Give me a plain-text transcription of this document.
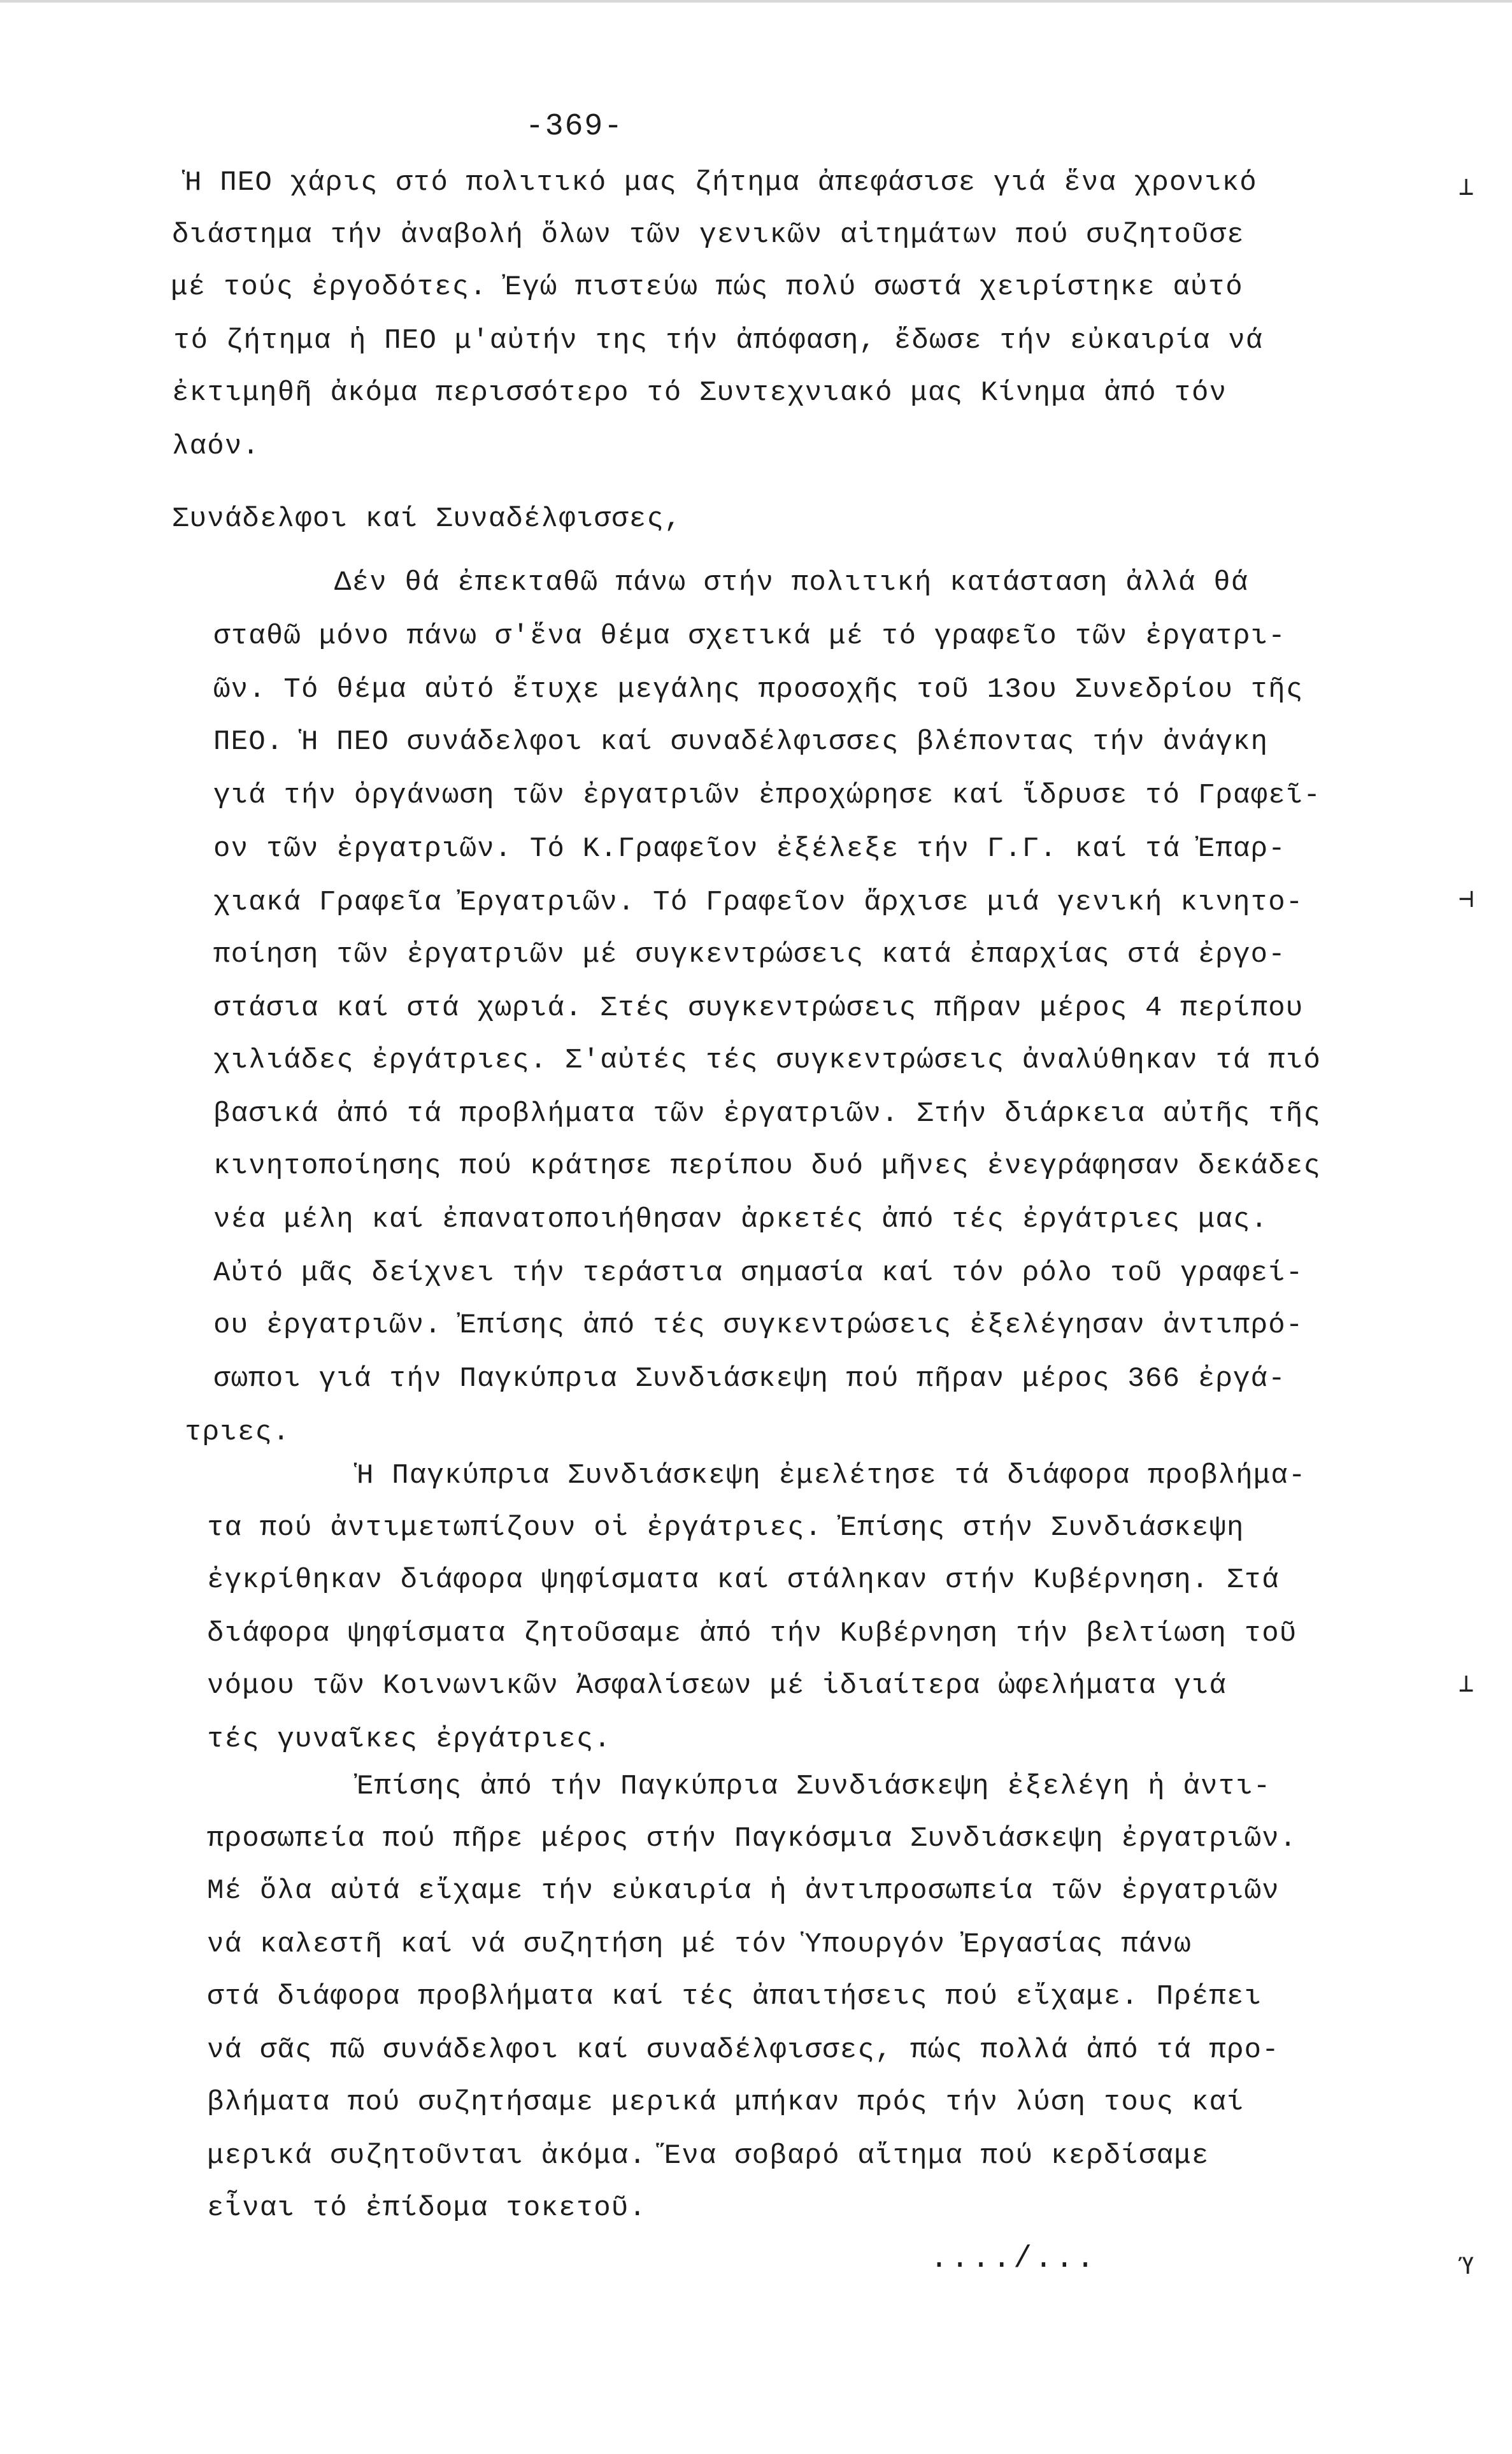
-369-
Ἡ ΠΕΟ χάρις στό πολιτικό μας ζήτημα ἀπεφάσισε γιά ἕνα χρονικό
διάστημα τήν ἀναβολή ὅλων τῶν γενικῶν αἰτημάτων πού συζητοῦσε
μέ τούς ἐργοδότες. Ἐγώ πιστεύω πώς πολύ σωστά χειρίστηκε αὐτό
τό ζήτημα ἡ ΠΕΟ μ'αὐτήν της τήν ἀπόφαση, ἔδωσε τήν εὐκαιρία νά
ἐκτιμηθῆ ἀκόμα περισσότερο τό Συντεχνιακό μας Κίνημα ἀπό τόν
λαόν.
Συνάδελφοι καί Συναδέλφισσες,
Δέν θά ἐπεκταθῶ πάνω στήν πολιτική κατάσταση ἀλλά θά
σταθῶ μόνο πάνω σ'ἕνα θέμα σχετικά μέ τό γραφεῖο τῶν ἐργατρι-
ῶν. Τό θέμα αὐτό ἔτυχε μεγάλης προσοχῆς τοῦ 13ου Συνεδρίου τῆς
ΠΕΟ. Ἡ ΠΕΟ συνάδελφοι καί συναδέλφισσες βλέποντας τήν ἀνάγκη
γιά τήν ὀργάνωση τῶν ἐργατριῶν ἐπροχώρησε καί ἵδρυσε τό Γραφεῖ-
ον τῶν ἐργατριῶν. Τό Κ.Γραφεῖον ἐξέλεξε τήν Γ.Γ. καί τά Ἐπαρ-
χιακά Γραφεῖα Ἐργατριῶν. Τό Γραφεῖον ἄρχισε μιά γενική κινητο-
ποίηση τῶν ἐργατριῶν μέ συγκεντρώσεις κατά ἐπαρχίας στά ἐργο-
στάσια καί στά χωριά. Στές συγκεντρώσεις πῆραν μέρος 4 περίπου
χιλιάδες ἐργάτριες. Σ'αὐτές τές συγκεντρώσεις ἀναλύθηκαν τά πιό
βασικά ἀπό τά προβλήματα τῶν ἐργατριῶν. Στήν διάρκεια αὐτῆς τῆς
κινητοποίησης πού κράτησε περίπου δυό μῆνες ἐνεγράφησαν δεκάδες
νέα μέλη καί ἐπανατοποιήθησαν ἀρκετές ἀπό τές ἐργάτριες μας.
Αὐτό μᾶς δείχνει τήν τεράστια σημασία καί τόν ρόλο τοῦ γραφεί-
ου ἐργατριῶν. Ἐπίσης ἀπό τές συγκεντρώσεις ἐξελέγησαν ἀντιπρό-
σωποι γιά τήν Παγκύπρια Συνδιάσκεψη πού πῆραν μέρος 366 ἐργά-
τριες.
Ἡ Παγκύπρια Συνδιάσκεψη ἐμελέτησε τά διάφορα προβλήμα-
τα πού ἀντιμετωπίζουν οἱ ἐργάτριες. Ἐπίσης στήν Συνδιάσκεψη
ἐγκρίθηκαν διάφορα ψηφίσματα καί στάληκαν στήν Κυβέρνηση. Στά
διάφορα ψηφίσματα ζητοῦσαμε ἀπό τήν Κυβέρνηση τήν βελτίωση τοῦ
νόμου τῶν Κοινωνικῶν Ἀσφαλίσεων μέ ἰδιαίτερα ὠφελήματα γιά
τές γυναῖκες ἐργάτριες.
Ἐπίσης ἀπό τήν Παγκύπρια Συνδιάσκεψη ἐξελέγη ἡ ἀντι-
προσωπεία πού πῆρε μέρος στήν Παγκόσμια Συνδιάσκεψη ἐργατριῶν.
Μέ ὅλα αὐτά εἴχαμε τήν εὐκαιρία ἡ ἀντιπροσωπεία τῶν ἐργατριῶν
νά καλεστῆ καί νά συζητήση μέ τόν Ὑπουργόν Ἐργασίας πάνω
στά διάφορα προβλήματα καί τές ἀπαιτήσεις πού εἴχαμε. Πρέπει
νά σᾶς πῶ συνάδελφοι καί συναδέλφισσες, πώς πολλά ἀπό τά προ-
βλήματα πού συζητήσαμε μερικά μπήκαν πρός τήν λύση τους καί
μερικά συζητοῦνται ἀκόμα. Ἕνα σοβαρό αἴτημα πού κερδίσαμε
εἶναι τό ἐπίδομα τοκετοῦ.
..../...
⊥
⊣
⊥
Ύ
